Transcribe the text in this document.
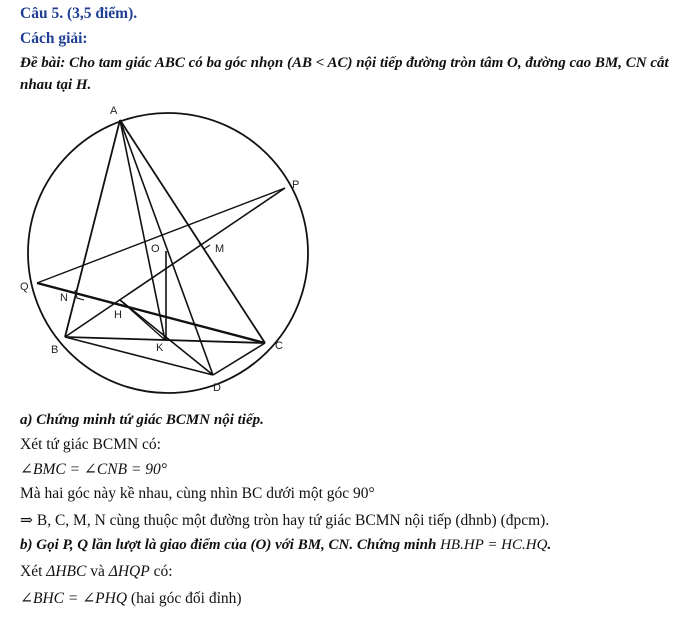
Câu 5. (3,5 điểm).
Cách giải:
Đề bài: Cho tam giác ABC có ba góc nhọn (AB < AC) nội tiếp đường tròn tâm O, đường cao BM, CN cắt
nhau tại H.
A
P
O	M
Q
N
H
B	K	C
D
a) Chứng minh tứ giác BCMN nội tiếp.
Xét tứ giác BCMN có:
∠BMC = ∠CNB = 90°
Mà hai góc này kề nhau, cùng nhìn BC dưới một góc 90°
⇒ B, C, M, N cùng thuộc một đường tròn hay tứ giác BCMN nội tiếp (dhnb) (đpcm).
b) Gọi P, Q lần lượt là giao điểm của (O) với BM, CN. Chứng minh HB.HP = HC.HQ.
Xét ΔHBC và ΔHQP có:
∠BHC = ∠PHQ (hai góc đối đỉnh)
